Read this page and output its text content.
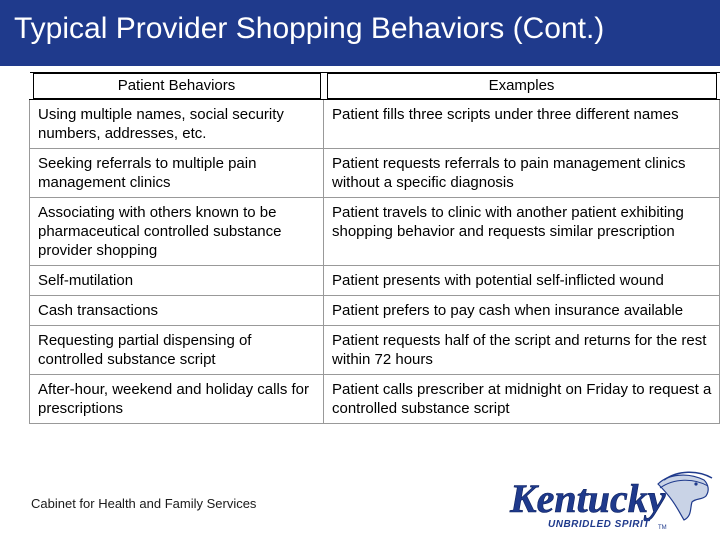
Typical Provider Shopping Behaviors (Cont.)
Patient Behaviors	Examples

Using multiple names, social security numbers, addresses, etc.	Patient fills three scripts under three different names
Seeking referrals to multiple pain management clinics	Patient requests referrals to pain management clinics without a specific diagnosis
Associating with others known to be pharmaceutical controlled substance provider shopping	Patient travels to clinic with another patient exhibiting shopping behavior and requests similar prescription
Self-mutilation	Patient presents with potential self-inflicted wound
Cash transactions	Patient prefers to pay cash when insurance available
Requesting partial dispensing of controlled substance script	Patient requests half of the script and returns for the rest within 72 hours
After-hour, weekend and holiday calls for prescriptions	Patient calls prescriber at midnight on Friday to request a controlled substance script
Cabinet for Health and Family Services	Kentucky
UNBRIDLED SPIRIT TM
